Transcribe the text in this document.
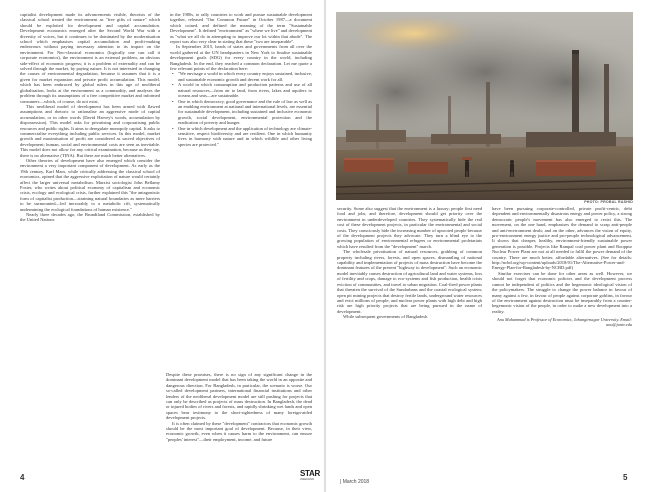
capitalist development made its advancements visible, theorists of the classical school treated the environment as "free gifts of nature" which should be exploited for development and capital accumulation. Development economics emerged after the Second World War with a diversity of voices, but it continues to be dominated by the modernisation school which emphasises capital accumulation and profit-making endeavours without paying necessary attention to its impact on the environment. For Neo-classical economics (logically one can call it corporate economics), the environment is an external problem, an obvious side-effect of economic progress; it is a problem of externality and can be solved through the market, by paying nature. It is not interested in changing the causes of environmental degradation, because it assumes that it is a given for market expansion and private profit accumulation. This model, which has been embraced by global rulers in this age of neoliberal globalisation, looks at the environment as a commodity, and analyses the problem through its assumptions of a free competitive market and informed consumers—which, of course, do not exist.

This neoliberal model of development has been armed with flawed assumptions and rhetoric to rationalise an aggressive mode of capital accumulation, or in other words (David Harvey's words, accumulation by dispossession). This model asks for privatising and corporatising public resources and public rights. It aims to deregulate monopoly capital. It asks to commercialise everything including public services. In this model, market growth and maximisation of profit are considered as sacred objectives of development; human, social and environmental costs are seen as inevitable. This model does not allow for any critical examination, because as they say, there is no alternative (TINA). But there are much better alternatives.

Other theories of development have also emerged which consider the environment a very important component of development. As early as the 19th century, Karl Marx, while critically addressing the classical school of economics, opined that the aggressive exploitation of nature would certainly affect the larger universal metabolism. Marxist sociologist John Bellamy Foster, who writes about political economy of capitalism and economic crisis, ecology and ecological crisis, further explained this "the antagonistic form of capitalist production—straining natural boundaries as mere barriers to be surmounted—led inexorably to a metabolic rift, systematically undermining the ecological foundations of human existence."

Nearly three decades ago, the Brundtland Commission, established by the United Nations

in the 1980s, to rally countries to work and pursue sustainable development together, released "Our Common Future" in October 1987—a document which coined, and defined the meaning of the term "Sustainable Development". It defined "environment" as "where we live" and development as "what we all do in attempting to improve our lot within that abode". The report was also very clear in stating that these "two are inseparable".

In September 2015, heads of states and governments from all over the world gathered at the UN headquarters in New York to finalise sustainable development goals (SDG) for every country in the world, including Bangladesh. In the end, they reached a common declaration. Let me quote a few relevant points of the declaration here:

• "We envisage a world in which every country enjoys sustained, inclusive, and sustainable economic growth and decent work for all.
• A world in which consumption and production patterns and use of all natural resources—from air to land, from rivers, lakes and aquifers to oceans and seas—are sustainable.
• One in which democracy, good governance and the rule of law as well as an enabling environment at national and international levels, are essential for sustainable development, including sustained and inclusive economic growth, social development, environmental protection and the eradication of poverty and hunger.
• One in which development and the application of technology are climate-sensitive, respect biodiversity and are resilient. One in which humanity lives in harmony with nature and in which wildlife and other living species are protected."

Despite these promises, there is no sign of any significant change in the dominant development model that has been taking the world in an opposite and dangerous direction. For Bangladesh, in particular, the scenario is worse. Our so-called development partners, international financial institutions and other lenders of the neoliberal development model are still pushing for projects that can only be described as projects of mass destruction. In Bangladesh, the dead or injured bodies of rivers and forests, and rapidly shrinking wet lands and open spaces bear testimony to the short-sightedness of many foreign-aided development projects.

It is often claimed by these "development" contractors that economic growth should be the most important goal of development. Because, in their view, economic growth, even when it causes harm to the environment, can ensure "peoples' interest"—their employment, income, and future

PHOTO: PROBAL RASHID

security. Some also suggest that the environment is a luxury; people first need food and jobs, and therefore, development should get priority over the environment in underdeveloped countries. They systematically hide the real cost of these development projects, in particular the environmental and social costs. They consciously hide the increasing number of uprooted people because of the development projects they advocate. They turn a blind eye to the growing population of environmental refugees or environmental proletariats which have resulted from the "development" march.

The wholesale privatisation of natural resources, grabbing of common property including rivers, forests, and open spaces, dismantling of national capability and implementation of projects of mass destruction have become the dominant features of the present "highway to development". Such an economic model inevitably causes destruction of agricultural land and water systems, loss of fertility and crops, damage to eco-systems and fish production, health crisis eviction of communities, and travel to urban migration. Coal-fired power plants that threaten the survival of the Sundarbans and the coastal ecological system; open pit mining projects that destroy fertile lands, underground water resources and evict millions of people; and nuclear power plants with high debt and high risk are high priority projects that are being pursued in the name of development.

While subsequent governments of Bangladesh

have been pursuing corporate-controlled, private profit-centric, debt dependent and environmentally disastrous energy and power policy, a strong democratic people's movement has also emerged to resist this. The movement, on the one hand, emphasises the demand to scrap anti-people and anti-environment deals; and on the other, advances the vision of equity, pro-environment energy justice and pro-people technological advancement. It shows that cheaper, healthy, environment-friendly sustainable power generation is possible. Projects like Rampal coal power plant and Rooppur Nuclear Power Plant are not at all needed to fulfil the power demand of the country. There are much better, affordable alternatives. (See for details: http://ncbd.org/wp-content/uploads/2018/01/The-Alternative-Power-and-Energy-Plan-for-Bangladesh-by-NCBD.pdf)

Similar exercises can be done for other areas as well. However, we should not forget that economic policies and the development process cannot be independent of politics and the hegemonic ideological vision of the policymakers. The struggle to change the power balance in favour of many against a few, in favour of people against corporate goblins, in favour of the environment against destruction must be inseparably from a counter-hegemonic vision of the people, in order to make a new development into a reality.

Anu Muhammad is Professor of Economics, Jahangirnagar University. Email: anu@juniv.edu
4	STAR
WEEKEND	| March 2018	5
